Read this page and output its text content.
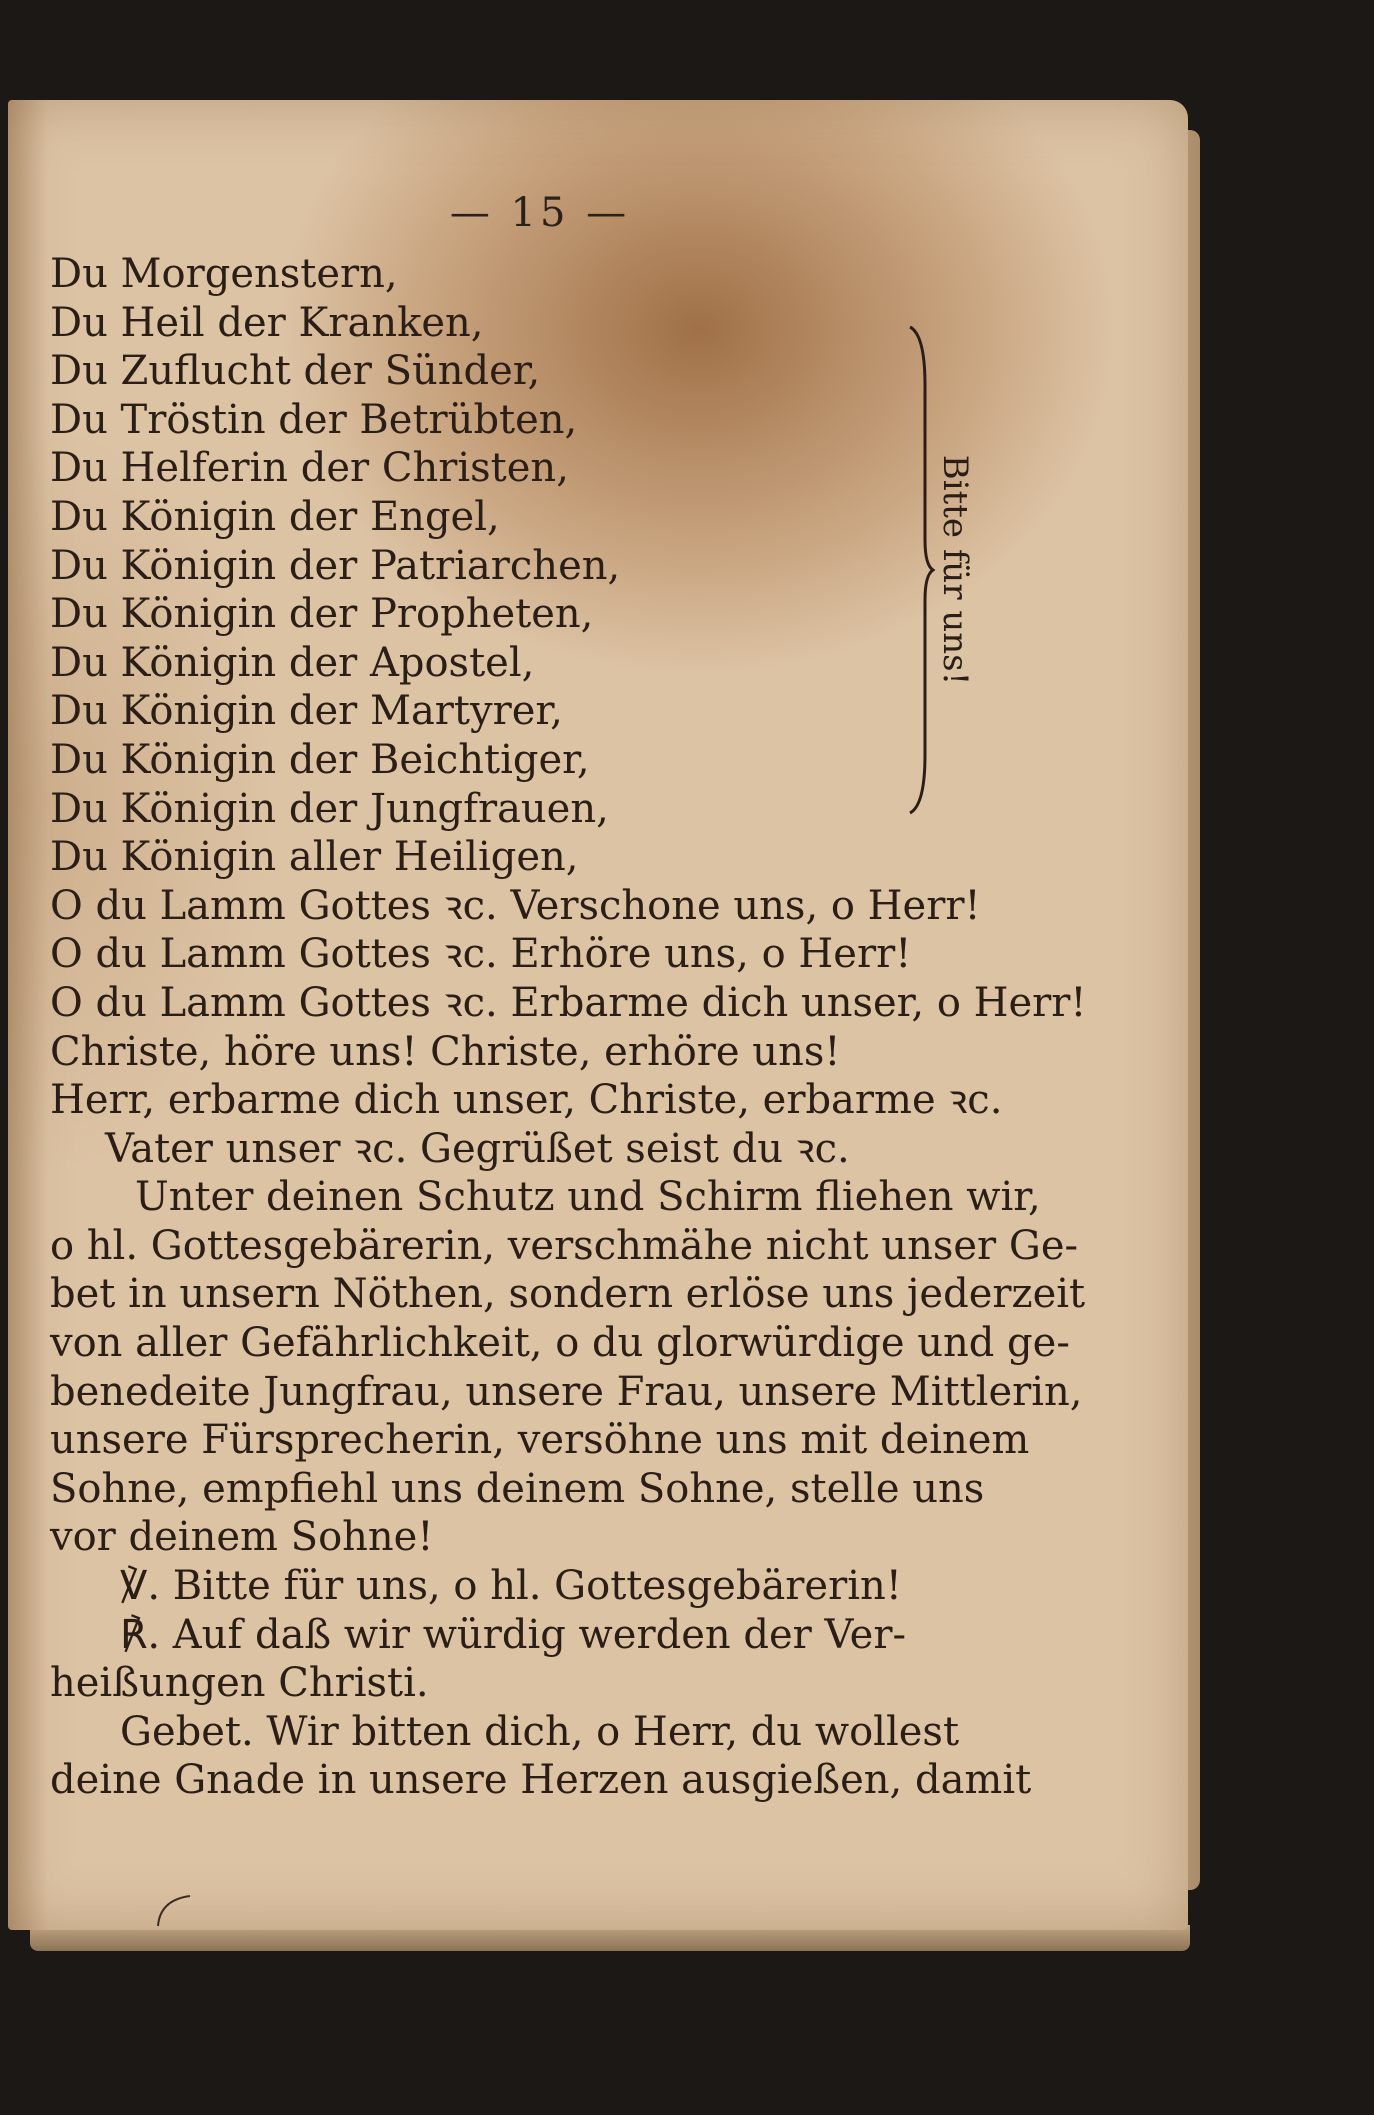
— 15 —
Bitte für uns!
Du Morgenstern,
Du Heil der Kranken,
Du Zuflucht der Sünder,
Du Tröstin der Betrübten,
Du Helferin der Christen,
Du Königin der Engel,
Du Königin der Patriarchen,
Du Königin der Propheten,
Du Königin der Apostel,
Du Königin der Martyrer,
Du Königin der Beichtiger,
Du Königin der Jungfrauen,
Du Königin aller Heiligen,
O du Lamm Gottes ꝛc. Verschone uns, o Herr!
O du Lamm Gottes ꝛc. Erhöre uns, o Herr!
O du Lamm Gottes ꝛc. Erbarme dich unser, o Herr!
Christe, höre uns! Christe, erhöre uns!
Herr, erbarme dich unser, Christe, erbarme ꝛc.
Vater unser ꝛc. Gegrüßet seist du ꝛc.
Unter deinen Schutz und Schirm fliehen wir,
o hl. Gottesgebärerin, verschmähe nicht unser Ge-
bet in unsern Nöthen, sondern erlöse uns jederzeit
von aller Gefährlichkeit, o du glorwürdige und ge-
benedeite Jungfrau, unsere Frau, unsere Mittlerin,
unsere Fürsprecherin, versöhne uns mit deinem
Sohne, empfiehl uns deinem Sohne, stelle uns
vor deinem Sohne!
℣. Bitte für uns, o hl. Gottesgebärerin!
℟. Auf daß wir würdig werden der Ver-
heißungen Christi.
Gebet. Wir bitten dich, o Herr, du wollest
deine Gnade in unsere Herzen ausgießen, damit
